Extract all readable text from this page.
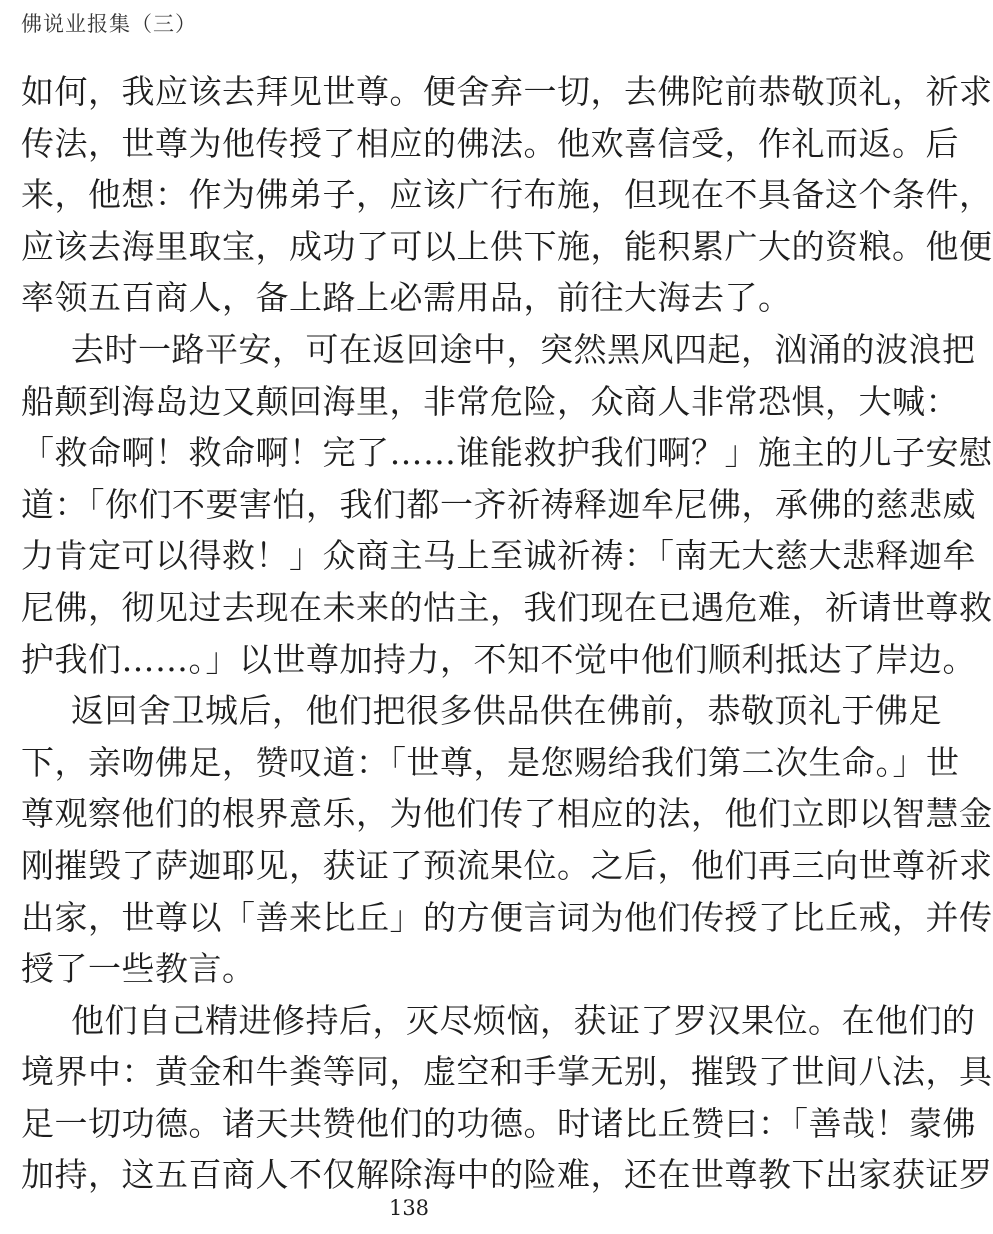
佛说业报集（三）
如何，我应该去拜见世尊。便舍弃一切，去佛陀前恭敬顶礼，祈求
传法，世尊为他传授了相应的佛法。他欢喜信受，作礼而返。后
来，他想：作为佛弟子，应该广行布施，但现在不具备这个条件，
应该去海里取宝，成功了可以上供下施，能积累广大的资粮。他便
率领五百商人，备上路上必需用品，前往大海去了。
去时一路平安，可在返回途中，突然黑风四起，汹涌的波浪把
船颠到海岛边又颠回海里，非常危险，众商人非常恐惧，大喊：
「救命啊！救命啊！完了……谁能救护我们啊？」施主的儿子安慰
道：「你们不要害怕，我们都一齐祈祷释迦牟尼佛，承佛的慈悲威
力肯定可以得救！」众商主马上至诚祈祷：「南无大慈大悲释迦牟
尼佛，彻见过去现在未来的怙主，我们现在已遇危难，祈请世尊救
护我们……。」以世尊加持力，不知不觉中他们顺利抵达了岸边。
返回舍卫城后，他们把很多供品供在佛前，恭敬顶礼于佛足
下，亲吻佛足，赞叹道：「世尊，是您赐给我们第二次生命。」世
尊观察他们的根界意乐，为他们传了相应的法，他们立即以智慧金
刚摧毁了萨迦耶见，获证了预流果位。之后，他们再三向世尊祈求
出家，世尊以「善来比丘」的方便言词为他们传授了比丘戒，并传
授了一些教言。
他们自己精进修持后，灭尽烦恼，获证了罗汉果位。在他们的
境界中：黄金和牛粪等同，虚空和手掌无别，摧毁了世间八法，具
足一切功德。诸天共赞他们的功德。时诸比丘赞曰：「善哉！蒙佛
加持，这五百商人不仅解除海中的险难，还在世尊教下出家获证罗
138
